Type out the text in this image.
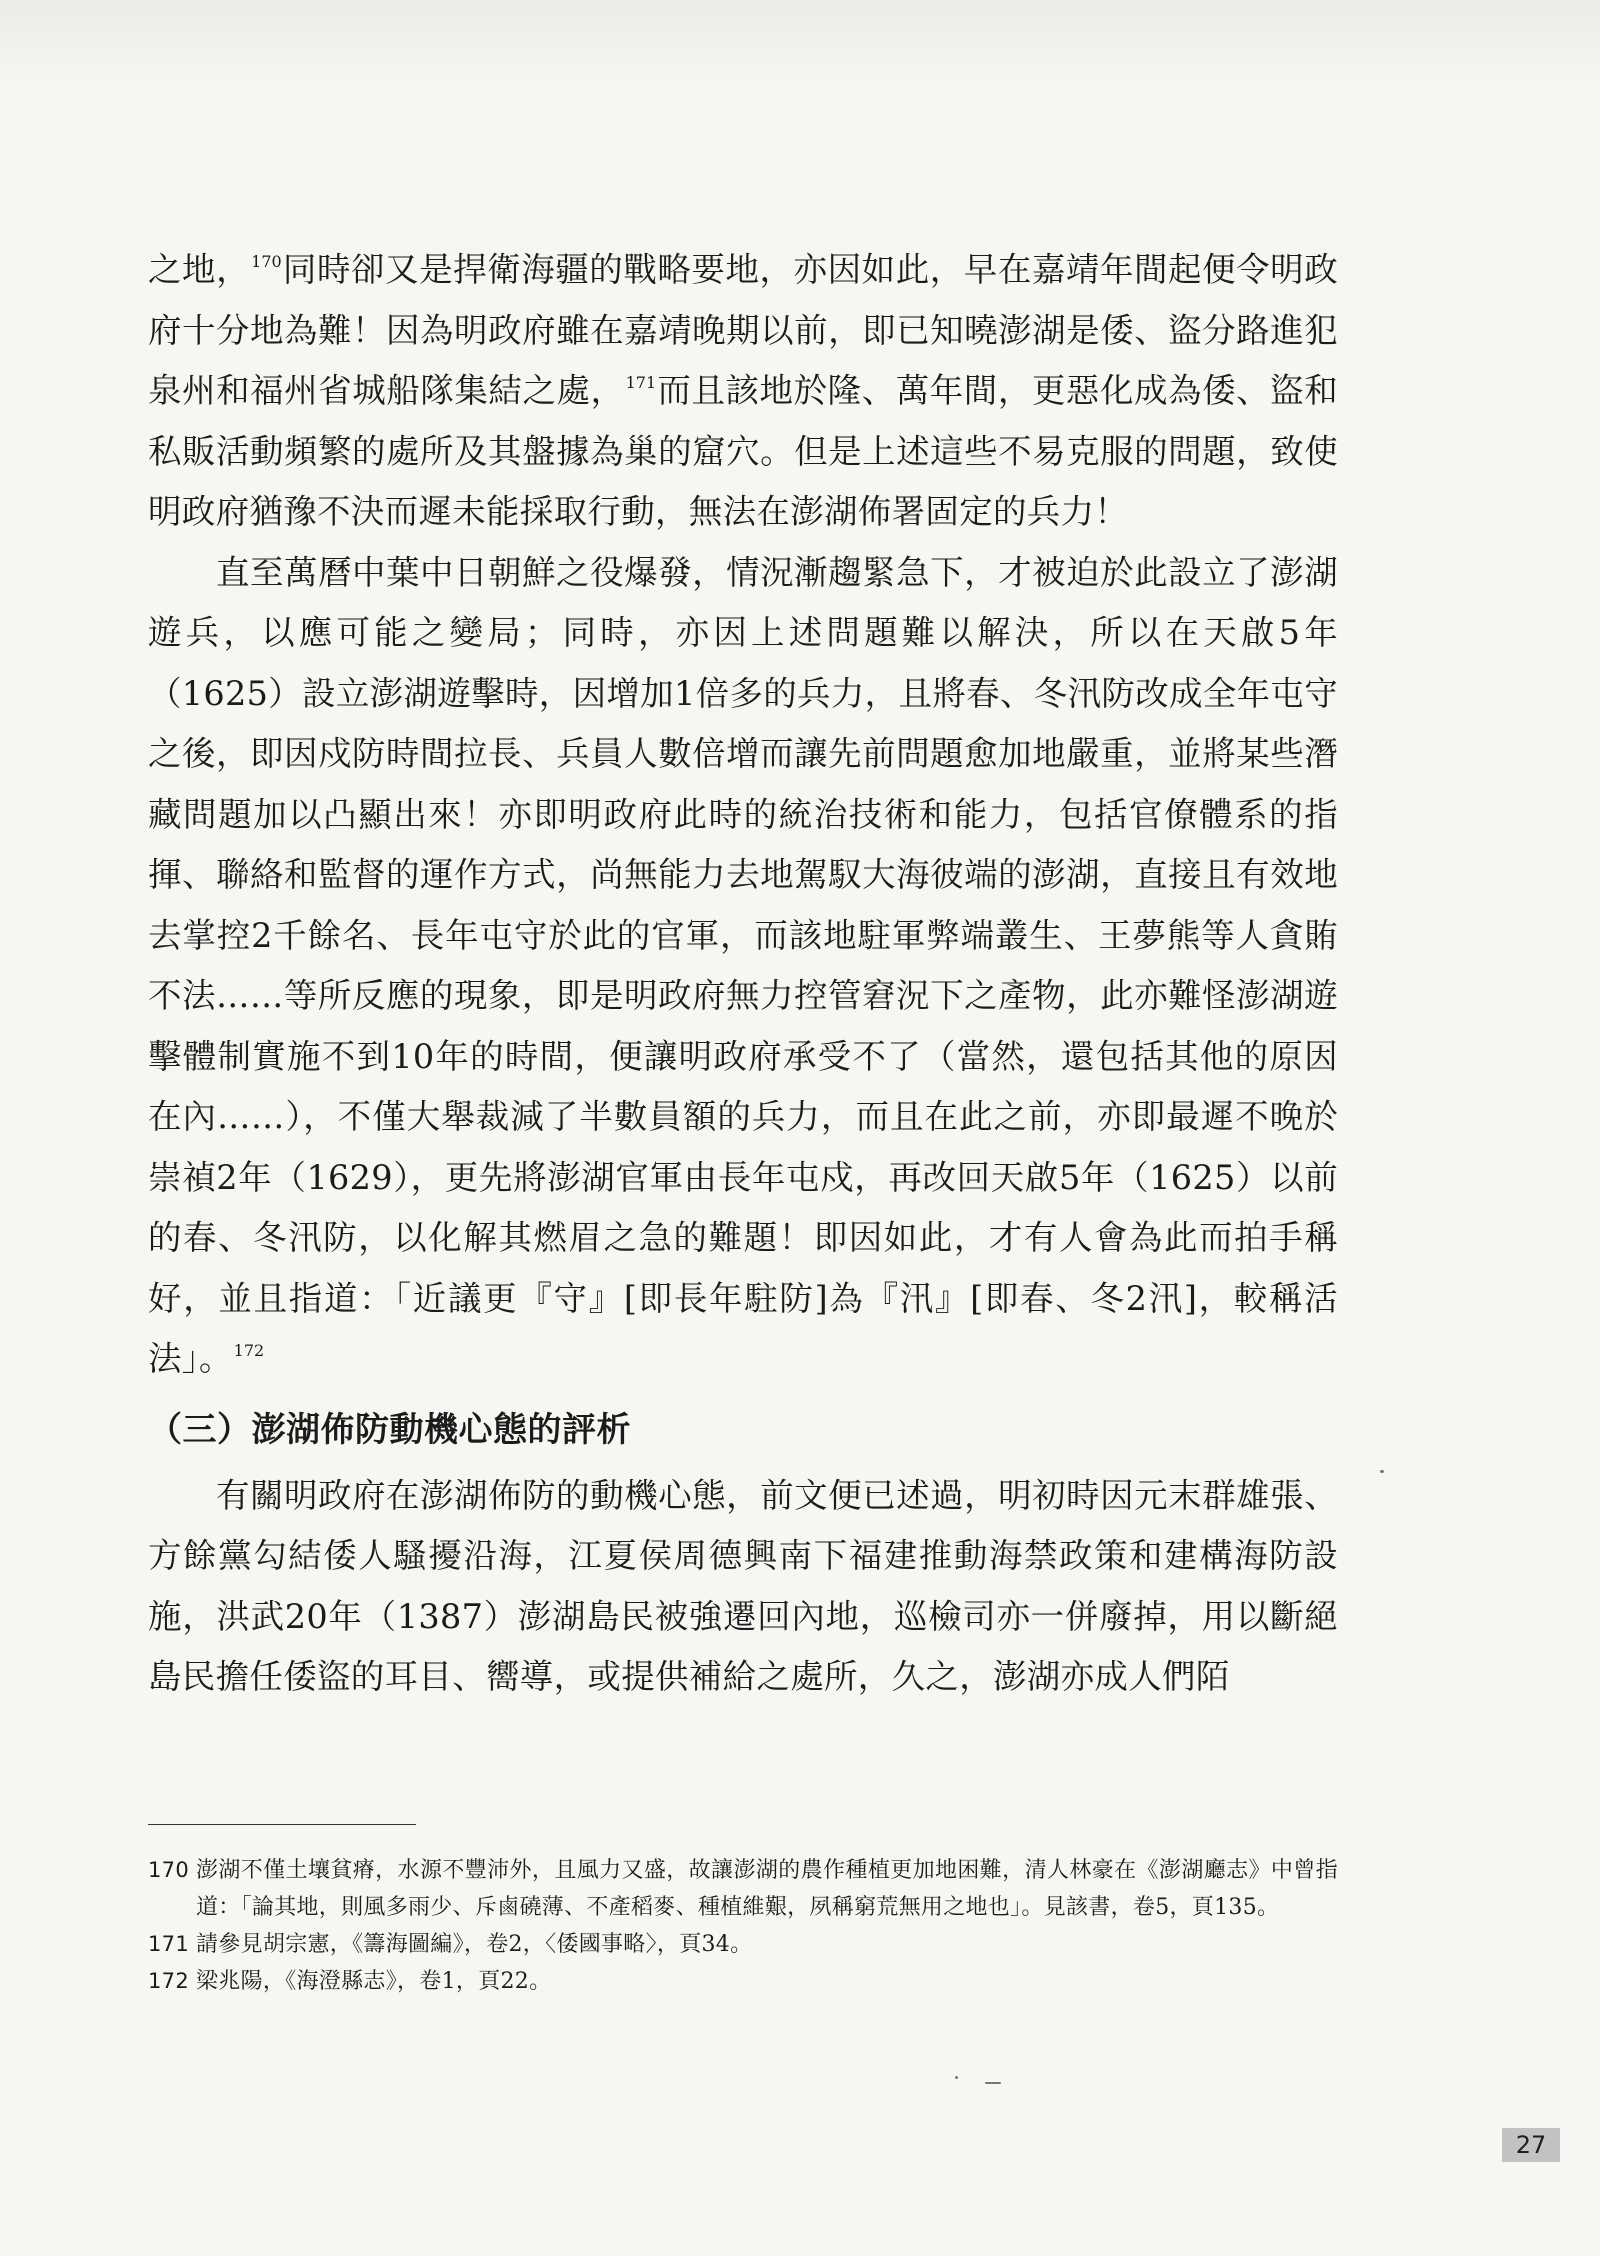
之地，$^{170}$同時卻又是捍衛海疆的戰略要地，亦因如此，早在嘉靖年間起便令明政府十分地為難！因為明政府雖在嘉靖晚期以前，即已知曉澎湖是倭、盜分路進犯泉州和福州省城船隊集結之處，$^{171}$而且該地於隆、萬年間，更惡化成為倭、盜和私販活動頻繁的處所及其盤據為巢的窟穴。但是上述這些不易克服的問題，致使明政府猶豫不決而遲未能採取行動，無法在澎湖佈署固定的兵力！

直至萬曆中葉中日朝鮮之役爆發，情況漸趨緊急下，才被迫於此設立了澎湖遊兵，以應可能之變局；同時，亦因上述問題難以解決，所以在天啟5年（1625）設立澎湖遊擊時，因增加1倍多的兵力，且將春、冬汛防改成全年屯守之後，即因戍防時間拉長、兵員人數倍增而讓先前問題愈加地嚴重，並將某些潛藏問題加以凸顯出來！亦即明政府此時的統治技術和能力，包括官僚體系的指揮、聯絡和監督的運作方式，尚無能力去地駕馭大海彼端的澎湖，直接且有效地去掌控2千餘名、長年屯守於此的官軍，而該地駐軍弊端叢生、王夢熊等人貪賄不法……等所反應的現象，即是明政府無力控管窘況下之產物，此亦難怪澎湖遊擊體制實施不到10年的時間，便讓明政府承受不了（當然，還包括其他的原因在內……），不僅大舉裁減了半數員額的兵力，而且在此之前，亦即最遲不晚於崇禎2年（1629），更先將澎湖官軍由長年屯戍，再改回天啟5年（1625）以前的春、冬汛防，以化解其燃眉之急的難題！即因如此，才有人會為此而拍手稱好，並且指道：「近議更『守』[即長年駐防]為『汛』[即春、冬2汛]，較稱活法」。$^{172}$

（三）澎湖佈防動機心態的評析

有關明政府在澎湖佈防的動機心態，前文便已述過，明初時因元末群雄張、方餘黨勾結倭人騷擾沿海，江夏侯周德興南下福建推動海禁政策和建構海防設施，洪武20年（1387）澎湖島民被強遷回內地，巡檢司亦一併廢掉，用以斷絕島民擔任倭盜的耳目、嚮導，或提供補給之處所，久之，澎湖亦成人們陌

170 澎湖不僅土壤貧瘠，水源不豐沛外，且風力又盛，故讓澎湖的農作種植更加地困難，清人林豪在《澎湖廳志》中曾指道：「論其地，則風多雨少、斥鹵磽薄、不產稻麥、種植維艱，夙稱窮荒無用之地也」。見該書，卷5，頁135。
171 請參見胡宗憲，《籌海圖編》，卷2，〈倭國事略〉，頁34。
172 梁兆陽，《海澄縣志》，卷1，頁22。
27
